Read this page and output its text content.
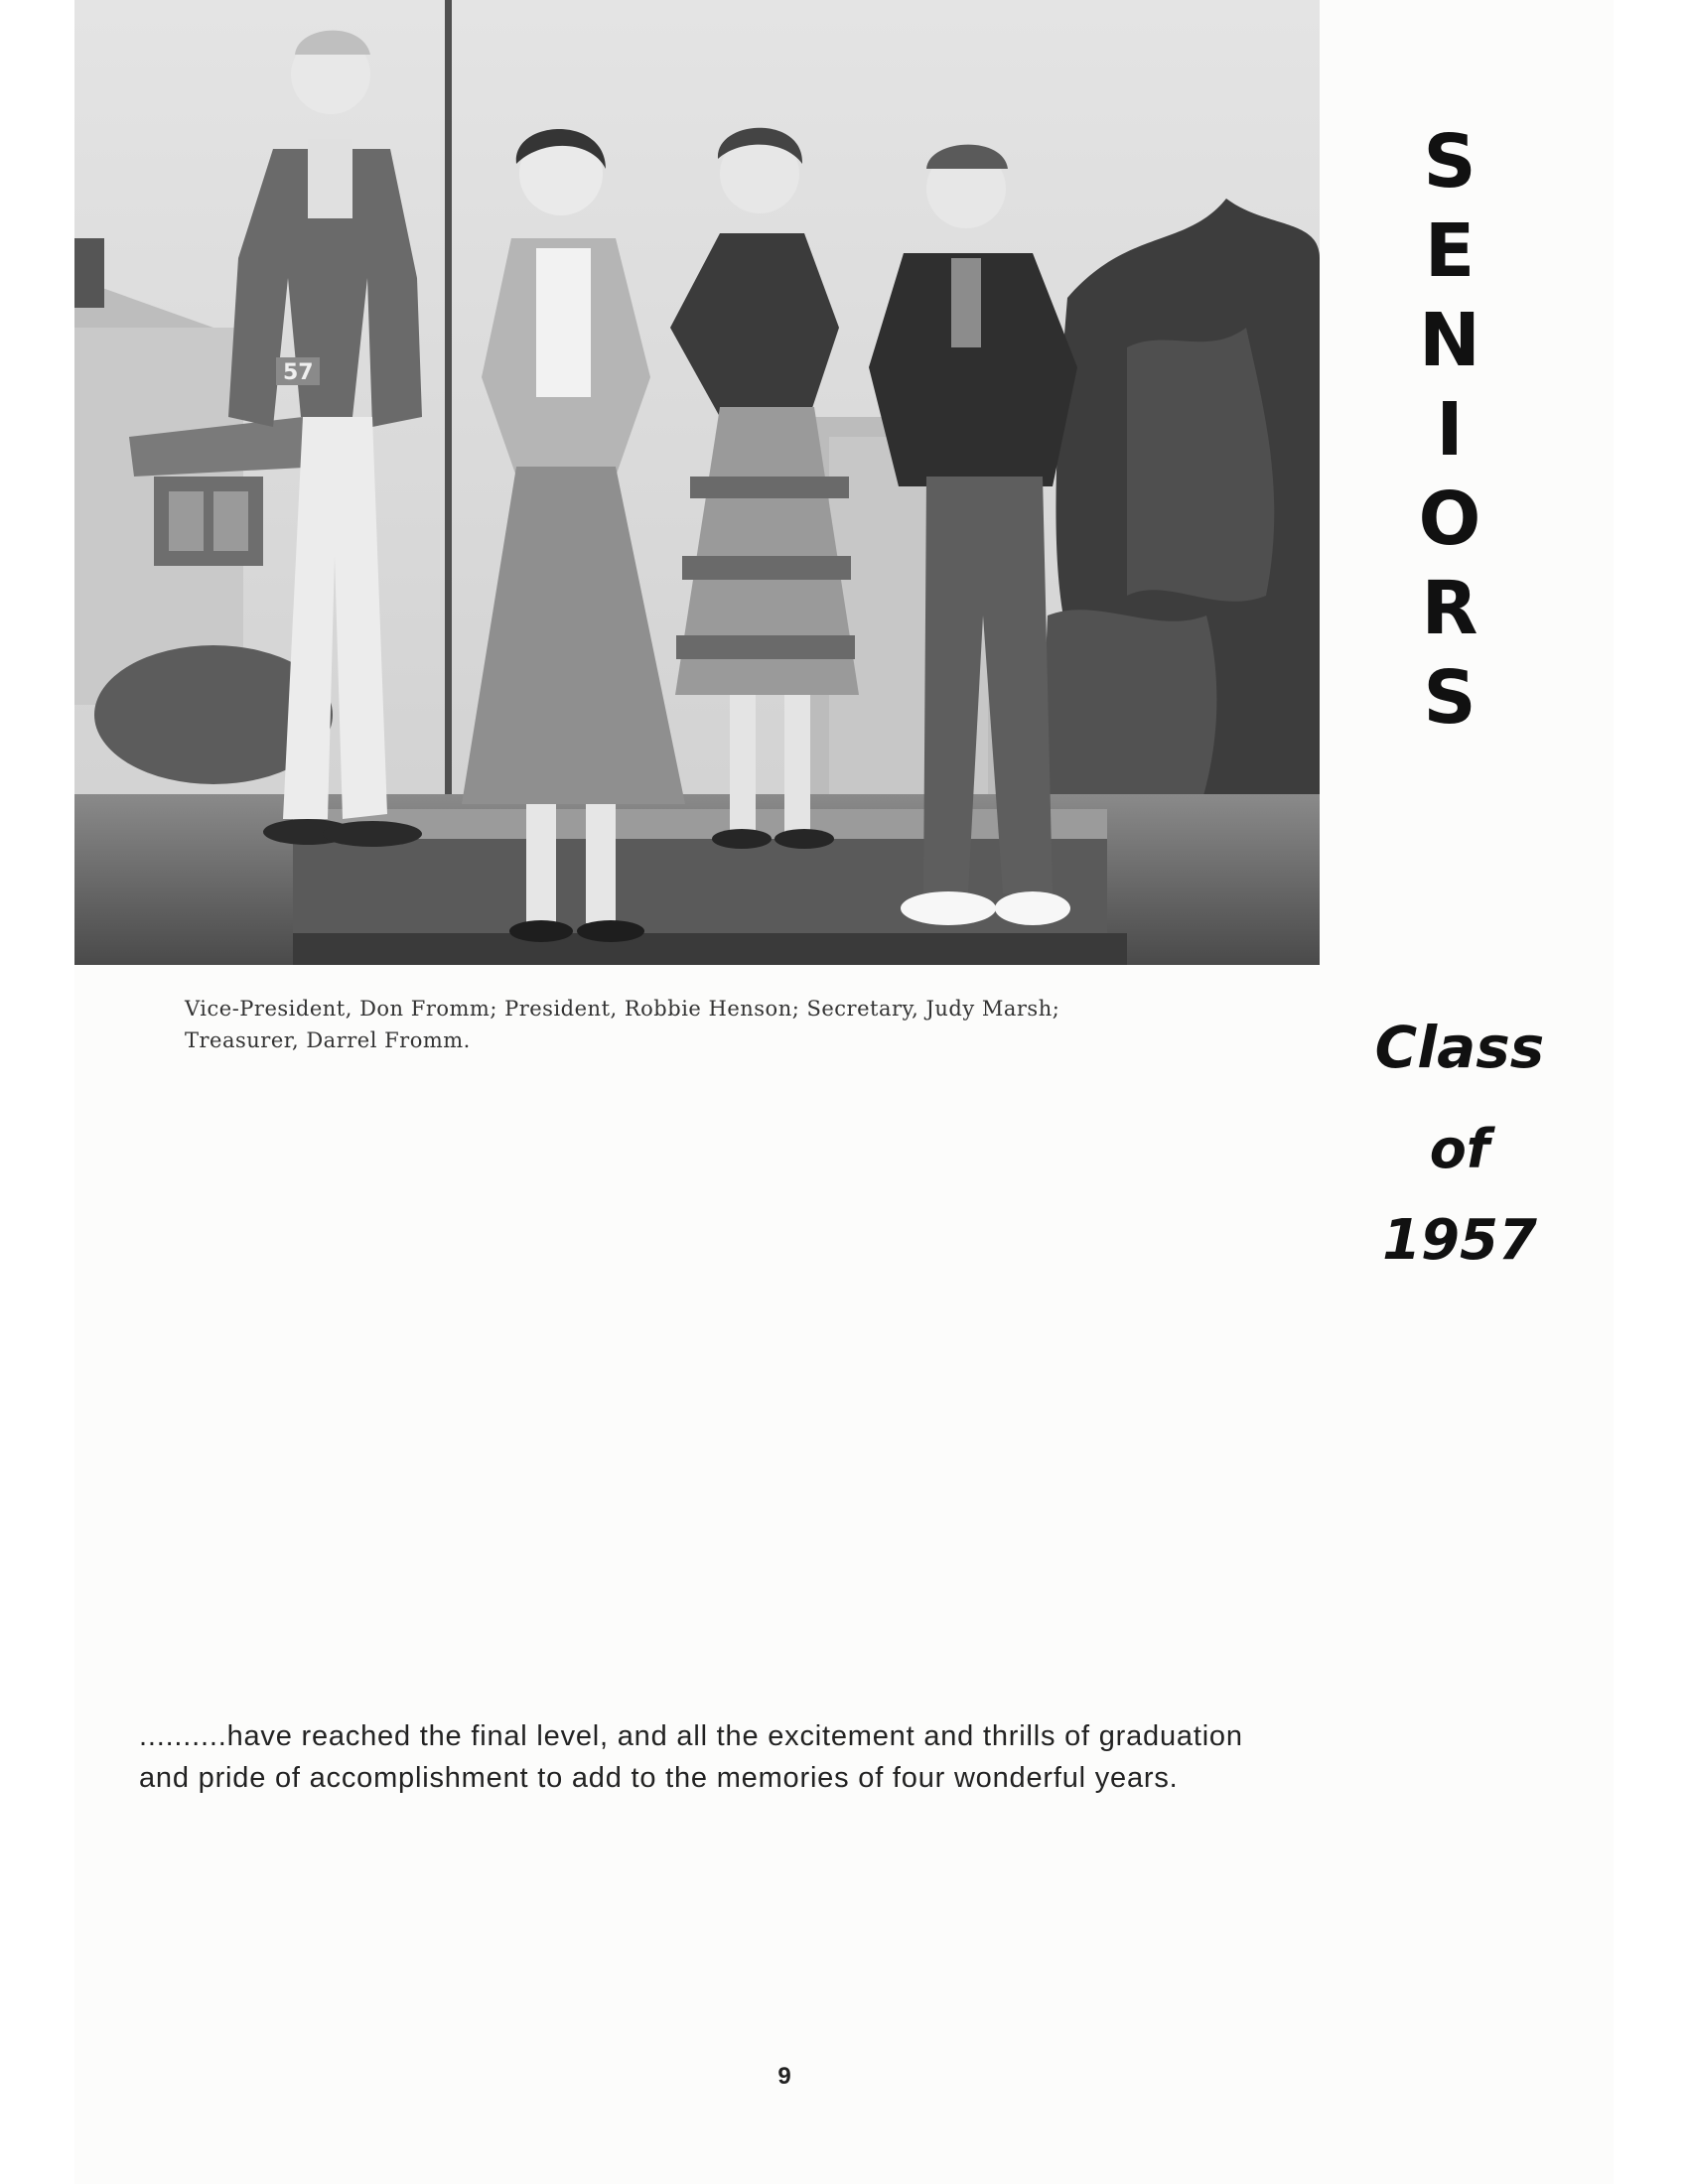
57

Vice-President, Don Fromm; President, Robbie Henson; Secretary, Judy Marsh;

Treasurer, Darrel Fromm.

S
E
N
I
O
R
S
Class
of
1957

..........have reached the final level, and all the excitement and thrills of graduation

and pride of accomplishment to add to the memories of four wonderful years.

9
